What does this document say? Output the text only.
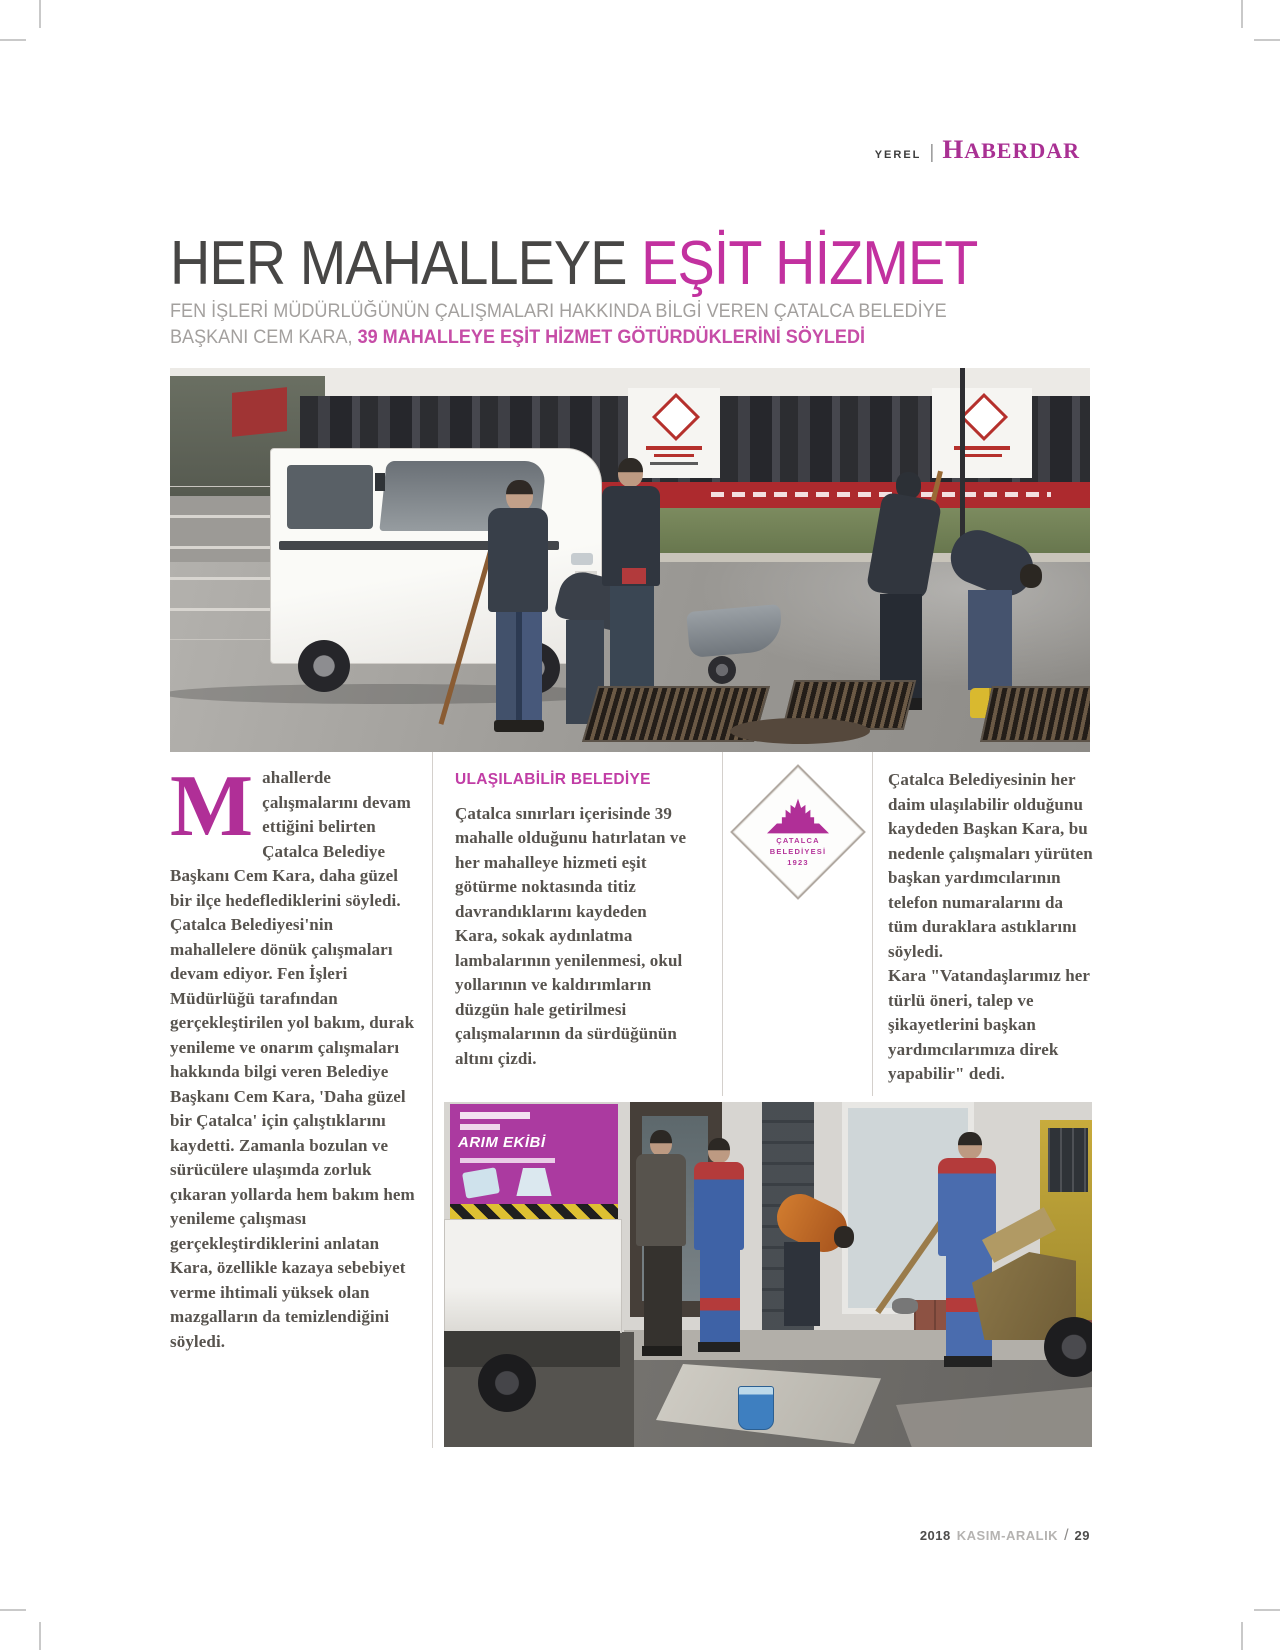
YEREL | HABERDAR
HER MAHALLEYE EŞİT HİZMET
FEN İŞLERİ MÜDÜRLÜĞÜNÜN ÇALIŞMALARI HAKKINDA BİLGİ VEREN ÇATALCA BELEDİYE
BAŞKANI CEM KARA, 39 MAHALLEYE EŞİT HİZMET GÖTÜRDÜKLERİNİ SÖYLEDİ

Mahallerde çalışmalarını devam ettiğini belirten Çatalca Belediye Başkanı Cem Kara, daha güzel bir ilçe hedeflediklerini söyledi. Çatalca Belediyesi'nin mahallelere dönük çalışmaları devam ediyor. Fen İşleri Müdürlüğü tarafından gerçekleştirilen yol bakım, durak yenileme ve onarım çalışmaları hakkında bilgi veren Belediye Başkanı Cem Kara, 'Daha güzel bir Çatalca' için çalıştıklarını kaydetti. Zamanla bozulan ve sürücülere ulaşımda zorluk çıkaran yollarda hem bakım hem yenileme çalışması gerçekleştirdiklerini anlatan Kara, özellikle kazaya sebebiyet verme ihtimali yüksek olan mazgalların da temizlendiğini söyledi.

ULAŞILABİLİR BELEDİYE

Çatalca sınırları içerisinde 39 mahalle olduğunu hatırlatan ve her mahalleye hizmeti eşit götürme noktasında titiz davrandıklarını kaydeden Kara, sokak aydınlatma lambalarının yenilenmesi, okul yollarının ve kaldırımların düzgün hale getirilmesi çalışmalarının da sürdüğünün altını çizdi.

Çatalca Belediyesinin her daim ulaşılabilir olduğunu kaydeden Başkan Kara, bu nedenle çalışmaları yürüten başkan yardımcılarının telefon numaralarını da tüm duraklara astıklarını söyledi.

Kara "Vatandaşlarımız her türlü öneri, talep ve şikayetlerini başkan yardımcılarımıza direk yapabilir" dedi.

ÇATALCA
BELEDİYESİ
1923
ARIM EKİBİ
2018 KASIM-ARALIK / 29
